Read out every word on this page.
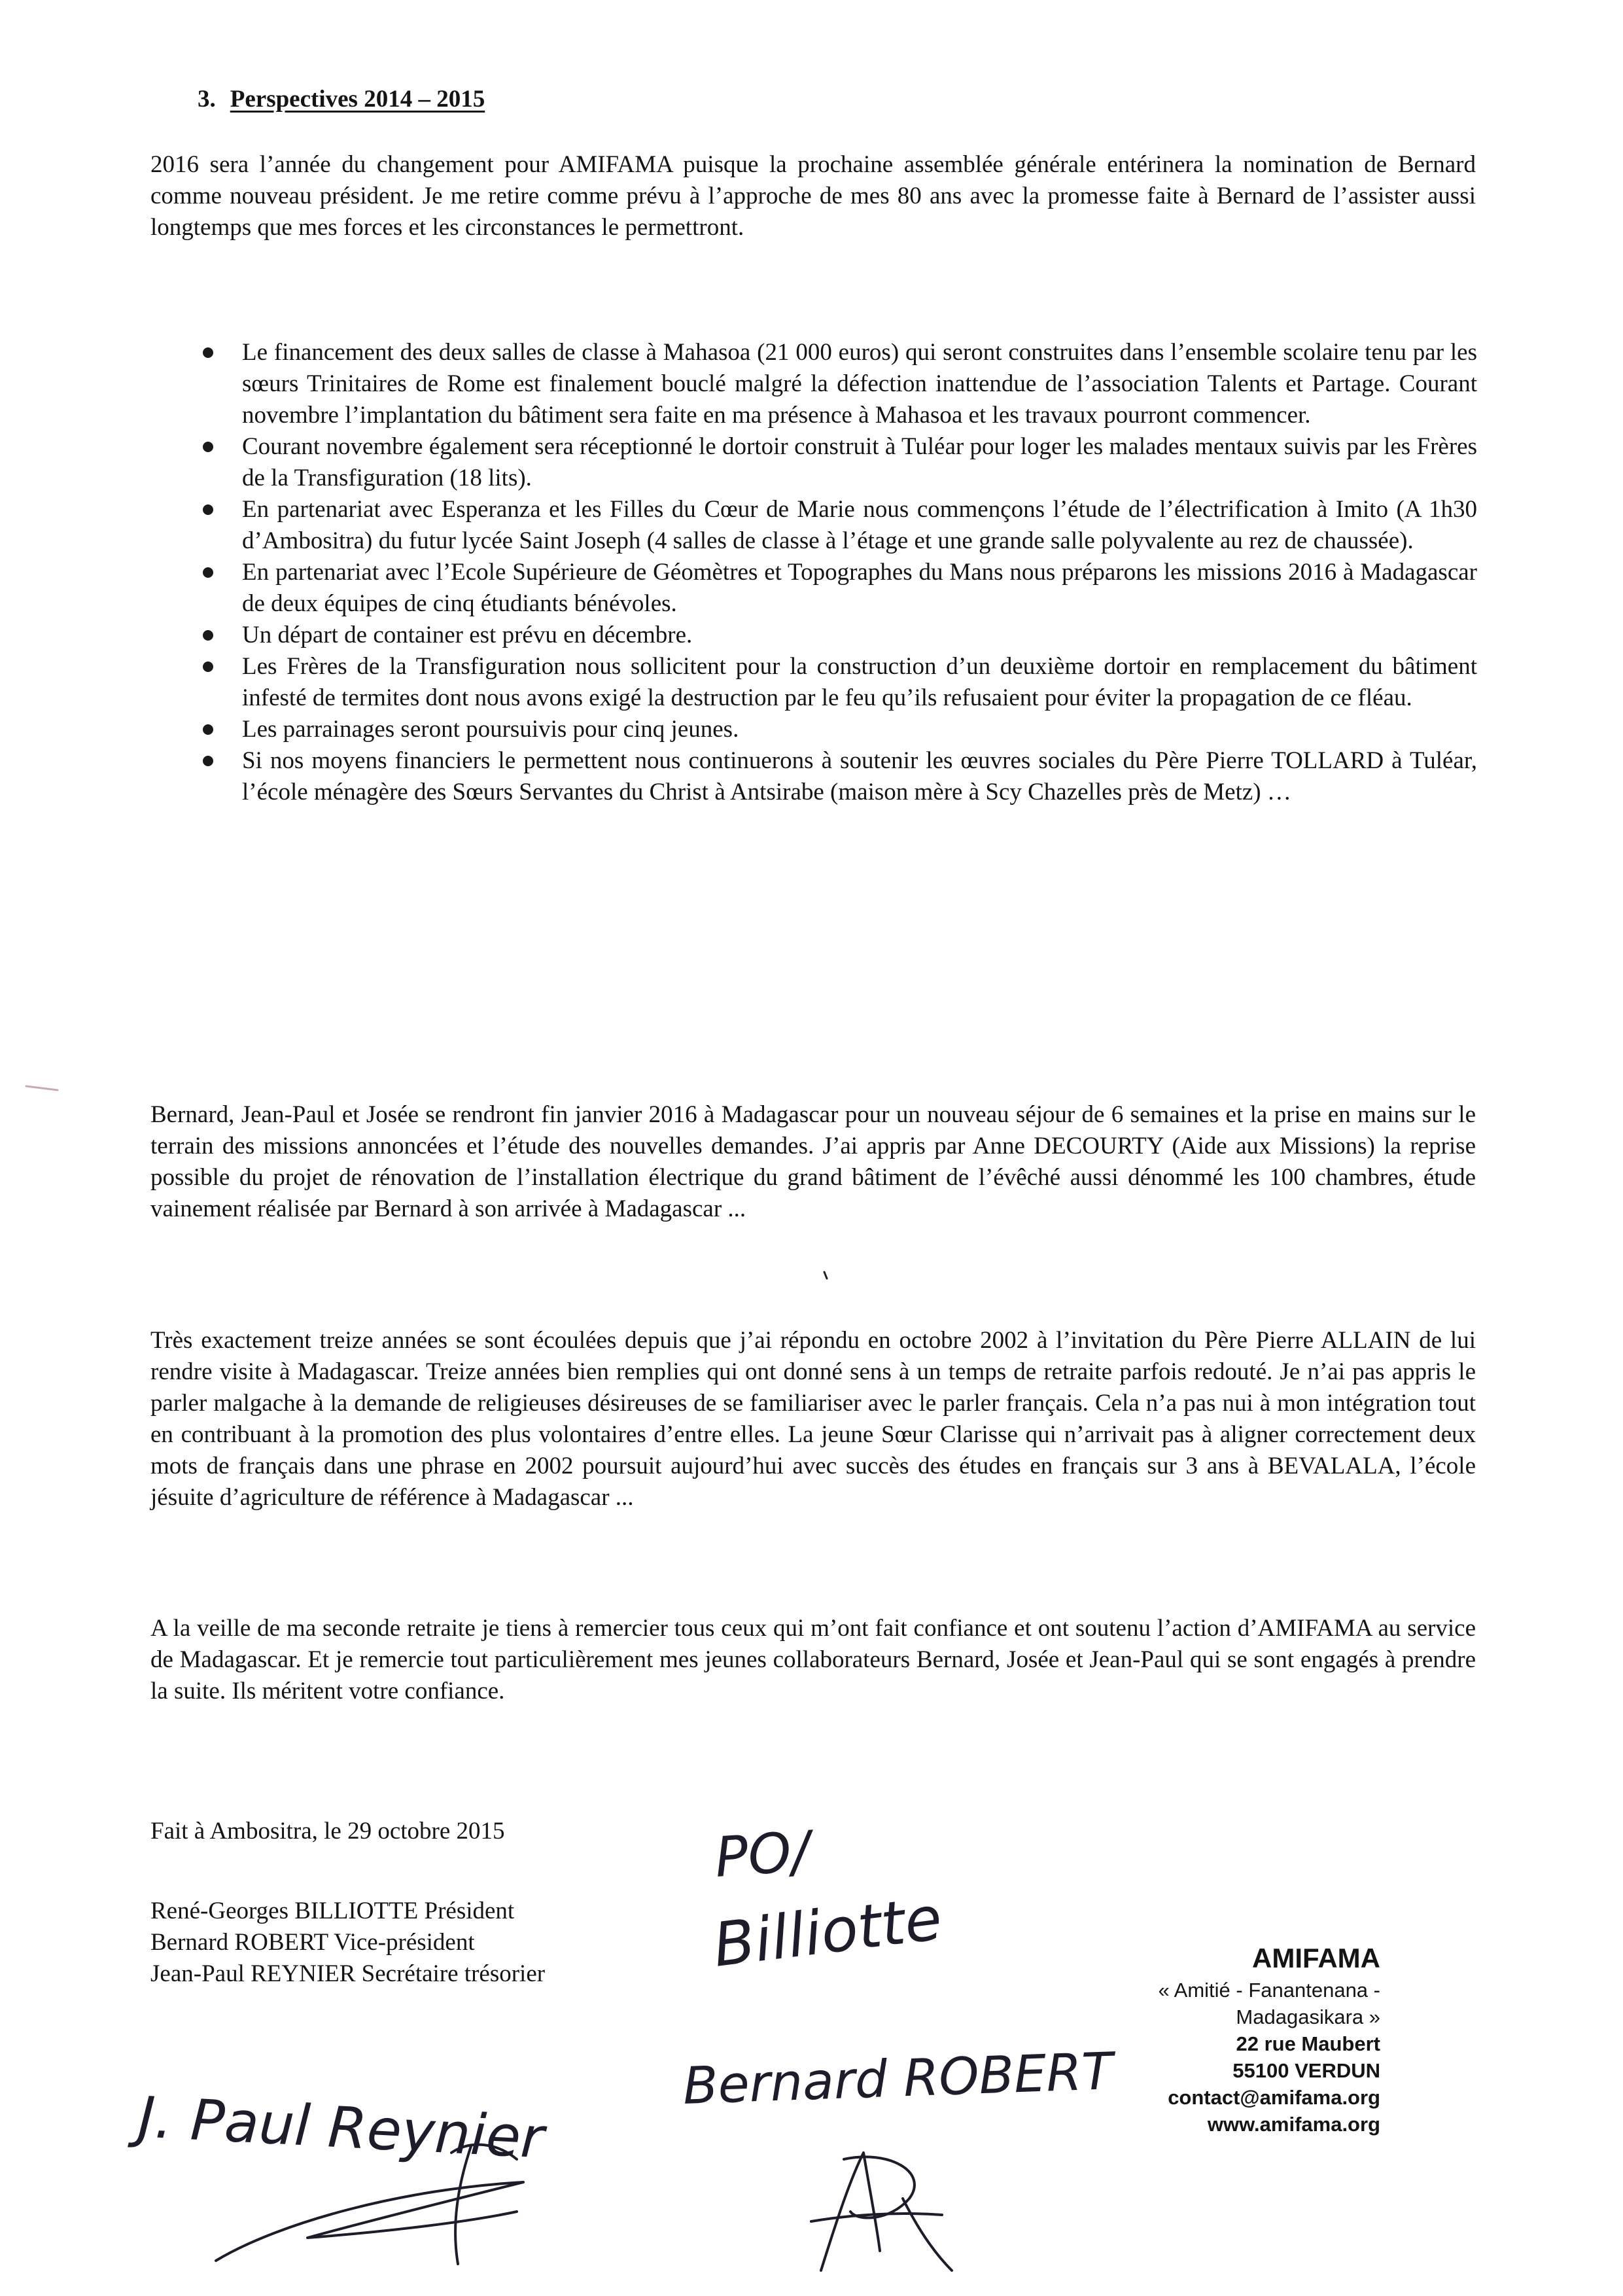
3. Perspectives 2014 – 2015
2016 sera l’année du changement pour AMIFAMA puisque la prochaine assemblée générale entérinera la nomination de Bernard comme nouveau président. Je me retire comme prévu à l’approche de mes 80 ans avec la promesse faite à Bernard de l’assister aussi longtemps que mes forces et les circonstances le permettront.
Le financement des deux salles de classe à Mahasoa (21 000 euros) qui seront construites dans l’ensemble scolaire tenu par les sœurs Trinitaires de Rome est finalement bouclé malgré la défection inattendue de l’association Talents et Partage. Courant novembre l’implantation du bâtiment sera faite en ma présence à Mahasoa et les travaux pourront commencer.
Courant novembre également sera réceptionné le dortoir construit à Tuléar pour loger les malades mentaux suivis par les Frères de la Transfiguration (18 lits).
En partenariat avec Esperanza et les Filles du Cœur de Marie nous commençons l’étude de l’électrification à Imito (A 1h30 d’Ambositra) du futur lycée Saint Joseph (4 salles de classe à l’étage et une grande salle polyvalente au rez de chaussée).
En partenariat avec l’Ecole Supérieure de Géomètres et Topographes du Mans nous préparons les missions 2016 à Madagascar de deux équipes de cinq étudiants bénévoles.
Un départ de container est prévu en décembre.
Les Frères de la Transfiguration nous sollicitent pour la construction d’un deuxième dortoir en remplacement du bâtiment infesté de termites dont nous avons exigé la destruction par le feu qu’ils refusaient pour éviter la propagation de ce fléau.
Les parrainages seront poursuivis pour cinq jeunes.
Si nos moyens financiers le permettent nous continuerons à soutenir les œuvres sociales du Père Pierre TOLLARD à Tuléar, l’école ménagère des Sœurs Servantes du Christ à Antsirabe (maison mère à Scy Chazelles près de Metz) …
Bernard, Jean-Paul et Josée se rendront fin janvier 2016 à Madagascar pour un nouveau séjour de 6 semaines et la prise en mains sur le terrain des missions annoncées et l’étude des nouvelles demandes. J’ai appris par Anne DECOURTY (Aide aux Missions) la reprise possible du projet de rénovation de l’installation électrique du grand bâtiment de l’évêché aussi dénommé les 100 chambres, étude vainement réalisée par Bernard à son arrivée à Madagascar ...
Très exactement treize années se sont écoulées depuis que j’ai répondu en octobre 2002 à l’invitation du Père Pierre ALLAIN de lui rendre visite à Madagascar. Treize années bien remplies qui ont donné sens à un temps de retraite parfois redouté. Je n’ai pas appris le parler malgache à la demande de religieuses désireuses de se familiariser avec le parler français. Cela n’a pas nui à mon intégration tout en contribuant à la promotion des plus volontaires d’entre elles. La jeune Sœur Clarisse qui n’arrivait pas à aligner correctement deux mots de français dans une phrase en 2002 poursuit aujourd’hui avec succès des études en français sur 3 ans à BEVALALA, l’école jésuite d’agriculture de référence à Madagascar ...
A la veille de ma seconde retraite je tiens à remercier tous ceux qui m’ont fait confiance et ont soutenu l’action d’AMIFAMA au service de Madagascar. Et je remercie tout particulièrement mes jeunes collaborateurs Bernard, Josée et Jean-Paul qui se sont engagés à prendre la suite. Ils méritent votre confiance.
Fait à Ambositra, le 29 octobre 2015
René-Georges BILLIOTTE Président
Bernard ROBERT Vice-président
Jean-Paul REYNIER Secrétaire trésorier
AMIFAMA
« Amitié - Fanantenana - Madagasikara »
22 rue Maubert
55100 VERDUN
contact@amifama.org
www.amifama.org
PO/
Billiotte
J. Paul Reynier
Bernard ROBERT
